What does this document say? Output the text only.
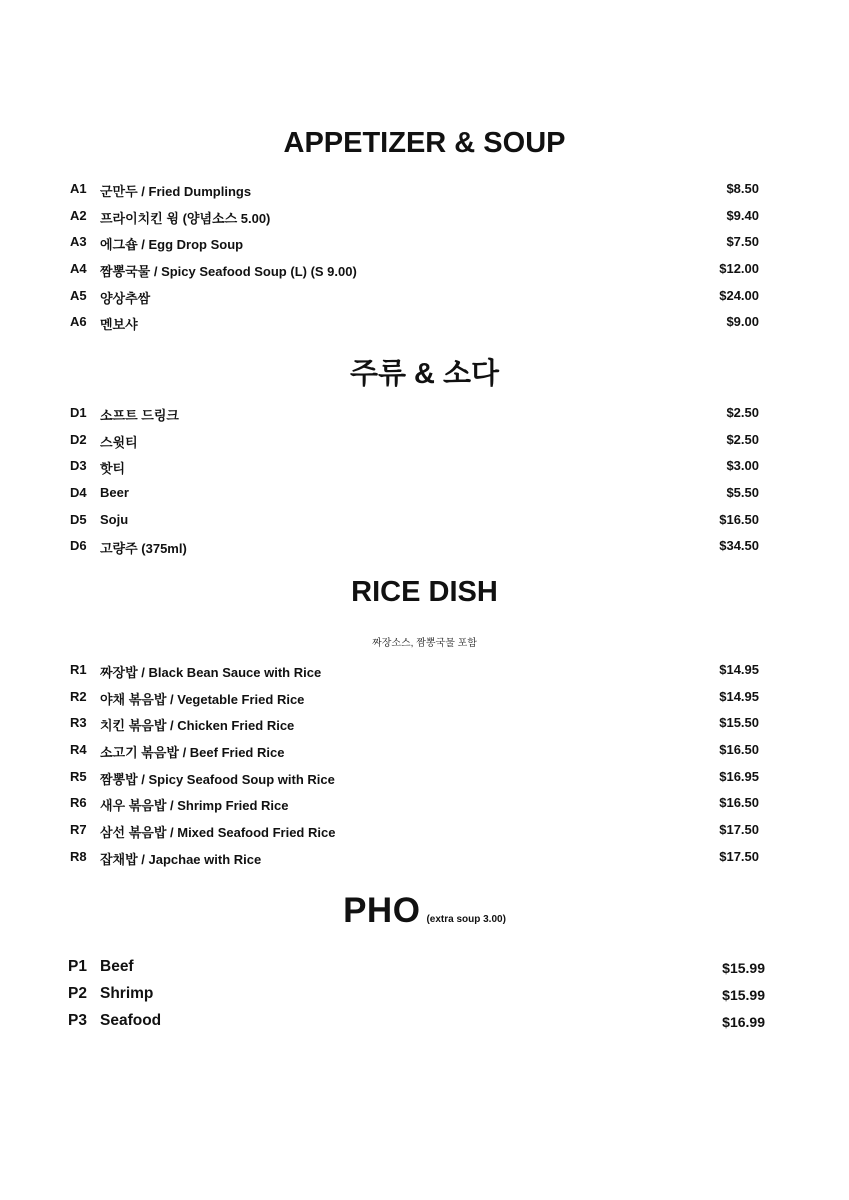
APPETIZER & SOUP
A1 군만두 / Fried Dumplings	$8.50
A2 프라이치킨 윙 (양념소스 5.00)	$9.40
A3 에그숍 / Egg Drop Soup	$7.50
A4 짬뽕국물 / Spicy Seafood Soup (L) (S 9.00)	$12.00
A5 양상추쌈	$24.00
A6 멘보샤	$9.00
주류 & 소다
D1 소프트 드링크	$2.50
D2 스윗티	$2.50
D3 핫티	$3.00
D4 Beer	$5.50
D5 Soju	$16.50
D6 고량주 (375ml)	$34.50
RICE DISH
짜장소스, 짬뽕국물 포함
R1 짜장밥 / Black Bean Sauce with Rice	$14.95
R2 야채 볶음밥 / Vegetable Fried Rice	$14.95
R3 치킨 볶음밥 / Chicken Fried Rice	$15.50
R4 소고기 볶음밥 / Beef Fried Rice	$16.50
R5 짬뽕밥 / Spicy Seafood Soup with Rice	$16.95
R6 새우 볶음밥 / Shrimp Fried Rice	$16.50
R7 삼선 볶음밥 / Mixed Seafood Fried Rice	$17.50
R8 잡채밥 / Japchae with Rice	$17.50
PHO (extra soup 3.00)
P1 Beef	$15.99
P2 Shrimp	$15.99
P3 Seafood	$16.99
